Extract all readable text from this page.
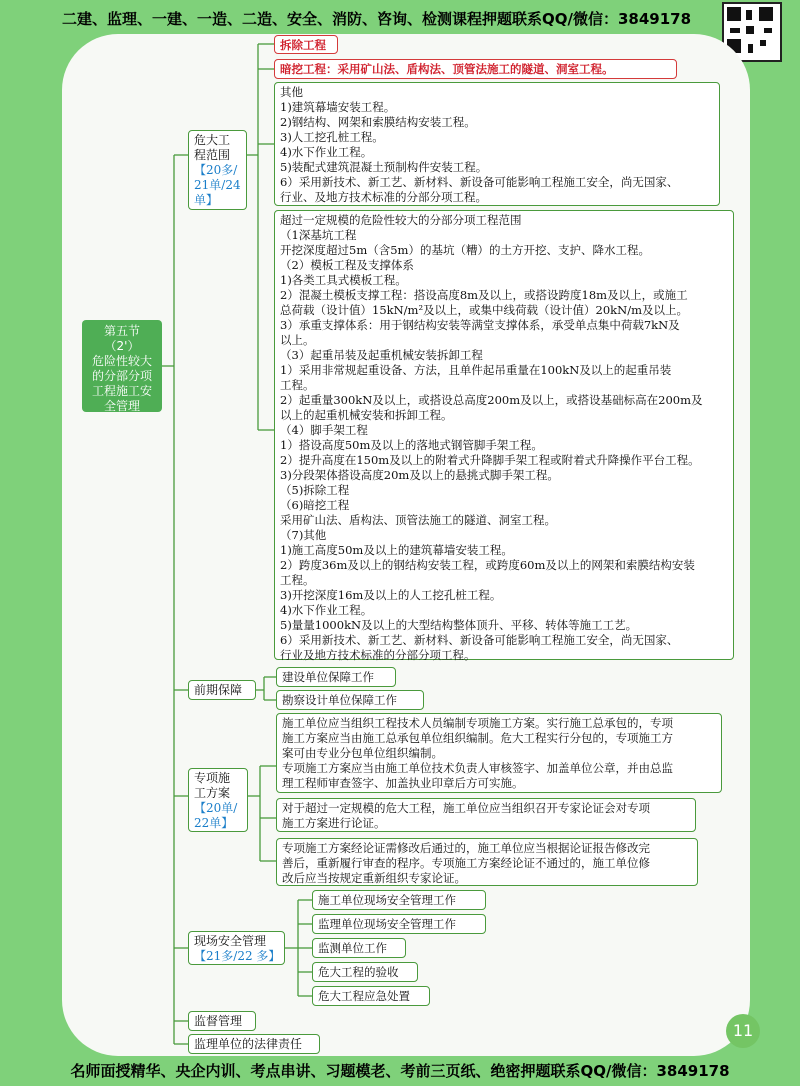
二建、监理、一建、一造、二造、安全、消防、咨询、检测课程押题联系QQ/微信：3849178
第五节
（2'）
危险性较大
的分部分项
工程施工安
全管理
危大工
程范围
【20多/
21单/24
单】
拆除工程
暗挖工程：采用矿山法、盾构法、顶管法施工的隧道、洞室工程。
其他
1)建筑幕墙安装工程。
2)钢结构、网架和索膜结构安装工程。
3)人工挖孔桩工程。
4)水下作业工程。
5)装配式建筑混凝土预制构件安装工程。
6）采用新技术、新工艺、新材料、新设备可能影响工程施工安全，尚无国家、
行业、及地方技术标准的分部分项工程。
超过一定规模的危险性较大的分部分项工程范围
（1深基坑工程
开挖深度超过5m（含5m）的基坑（糟）的土方开挖、支护、降水工程。
（2）模板工程及支撑体系
1)各类工具式模板工程。
2）混凝土模板支撑工程：搭设高度8m及以上，或搭设跨度18m及以上，或施工
总荷载（设计值）15kN/m²及以上，或集中线荷载（设计值）20kN/m及以上。
3）承重支撑体系：用于钢结构安装等满堂支撑体系，承受单点集中荷载7kN及
以上。
（3）起重吊装及起重机械安装拆卸工程
1）采用非常规起重设备、方法，且单件起吊重量在100kN及以上的起重吊装
工程。
2）起重量300kN及以上，或搭设总高度200m及以上，或搭设基础标高在200m及
以上的起重机械安装和拆卸工程。
（4）脚手架工程
1）搭设高度50m及以上的落地式钢管脚手架工程。
2）提升高度在150m及以上的附着式升降脚手架工程或附着式升降操作平台工程。
3)分段架体搭设高度20m及以上的悬挑式脚手架工程。
（5)拆除工程
（6)暗挖工程
采用矿山法、盾构法、顶管法施工的隧道、洞室工程。
（7)其他
1)施工高度50m及以上的建筑幕墙安装工程。
2）跨度36m及以上的钢结构安装工程，或跨度60m及以上的网架和索膜结构安装
工程。
3)开挖深度16m及以上的人工挖孔桩工程。
4)水下作业工程。
5)量量1000kN及以上的大型结构整体顶升、平移、转体等施工工艺。
6）采用新技术、新工艺、新材料、新设备可能影响工程施工安全，尚无国家、
行业及地方技术标准的分部分项工程。
前期保障
建设单位保障工作
勘察设计单位保障工作
专项施
工方案
【20单/
22单】
施工单位应当组织工程技术人员编制专项施工方案。实行施工总承包的，专项
施工方案应当由施工总承包单位组织编制。危大工程实行分包的，专项施工方
案可由专业分包单位组织编制。
专项施工方案应当由施工单位技术负责人审核签字、加盖单位公章，并由总监
理工程师审查签字、加盖执业印章后方可实施。
对于超过一定规模的危大工程，施工单位应当组织召开专家论证会对专项
施工方案进行论证。
专项施工方案经论证需修改后通过的，施工单位应当根据论证报告修改完
善后，重新履行审查的程序。专项施工方案经论证不通过的，施工单位修
改后应当按规定重新组织专家论证。
现场安全管理
【21多/22 多】
施工单位现场安全管理工作
监理单位现场安全管理工作
监测单位工作
危大工程的验收
危大工程应急处置
监督管理
监理单位的法律责任
11
名师面授精华、央企内训、考点串讲、习题模老、考前三页纸、绝密押题联系QQ/微信：3849178
